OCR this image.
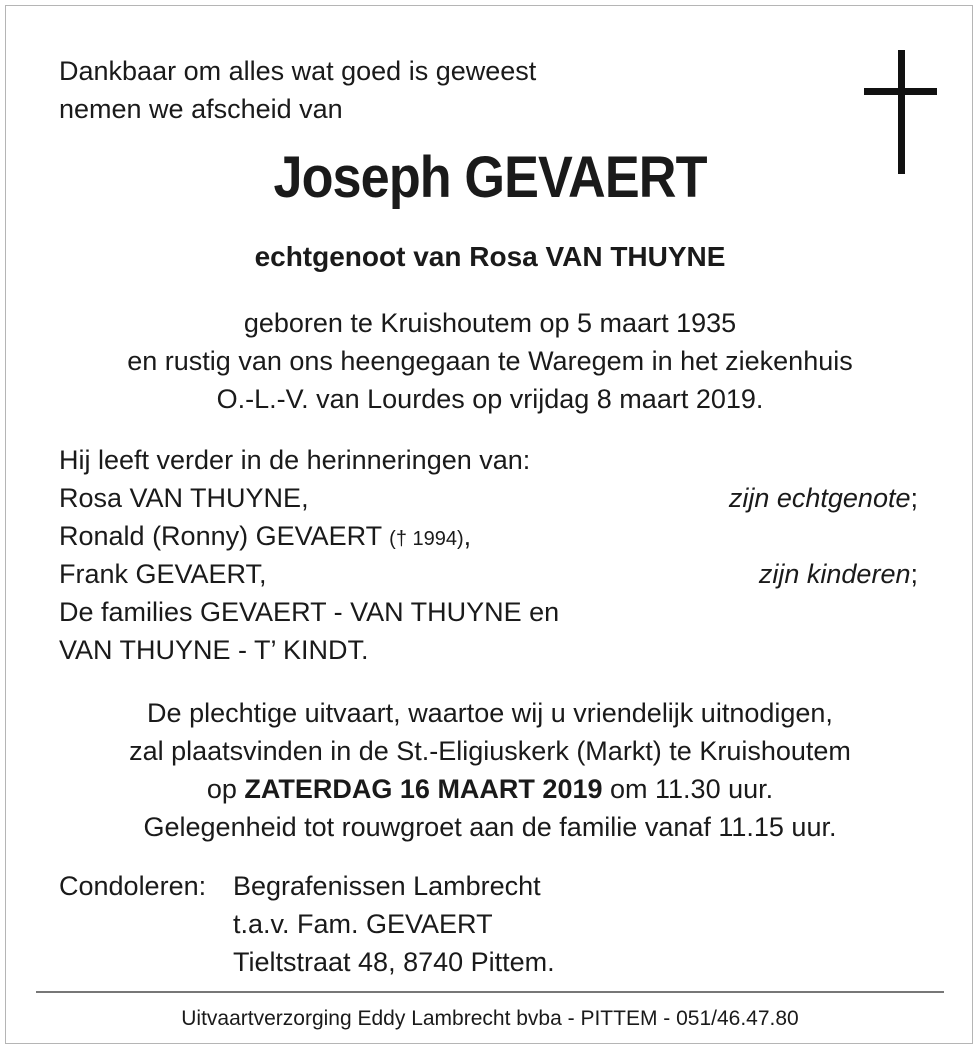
Dankbaar om alles wat goed is geweest
nemen we afscheid van
Joseph GEVAERT
echtgenoot van Rosa VAN THUYNE
geboren te Kruishoutem op 5 maart 1935
en rustig van ons heengegaan te Waregem in het ziekenhuis
O.-L.-V. van Lourdes op vrijdag 8 maart 2019.
Hij leeft verder in de herinneringen van:
Rosa VAN THUYNE,	zijn echtgenote;
Ronald (Ronny) GEVAERT († 1994),
Frank GEVAERT,	zijn kinderen;
De families GEVAERT - VAN THUYNE en
VAN THUYNE - T’ KINDT.
De plechtige uitvaart, waartoe wij u vriendelijk uitnodigen,
zal plaatsvinden in de St.-Eligiuskerk (Markt) te Kruishoutem
op ZATERDAG 16 MAART 2019 om 11.30 uur.
Gelegenheid tot rouwgroet aan de familie vanaf 11.15 uur.
Condoleren: Begrafenissen Lambrecht
t.a.v. Fam. GEVAERT
Tieltstraat 48, 8740 Pittem.
Uitvaartverzorging Eddy Lambrecht bvba - PITTEM - 051/46.47.80
